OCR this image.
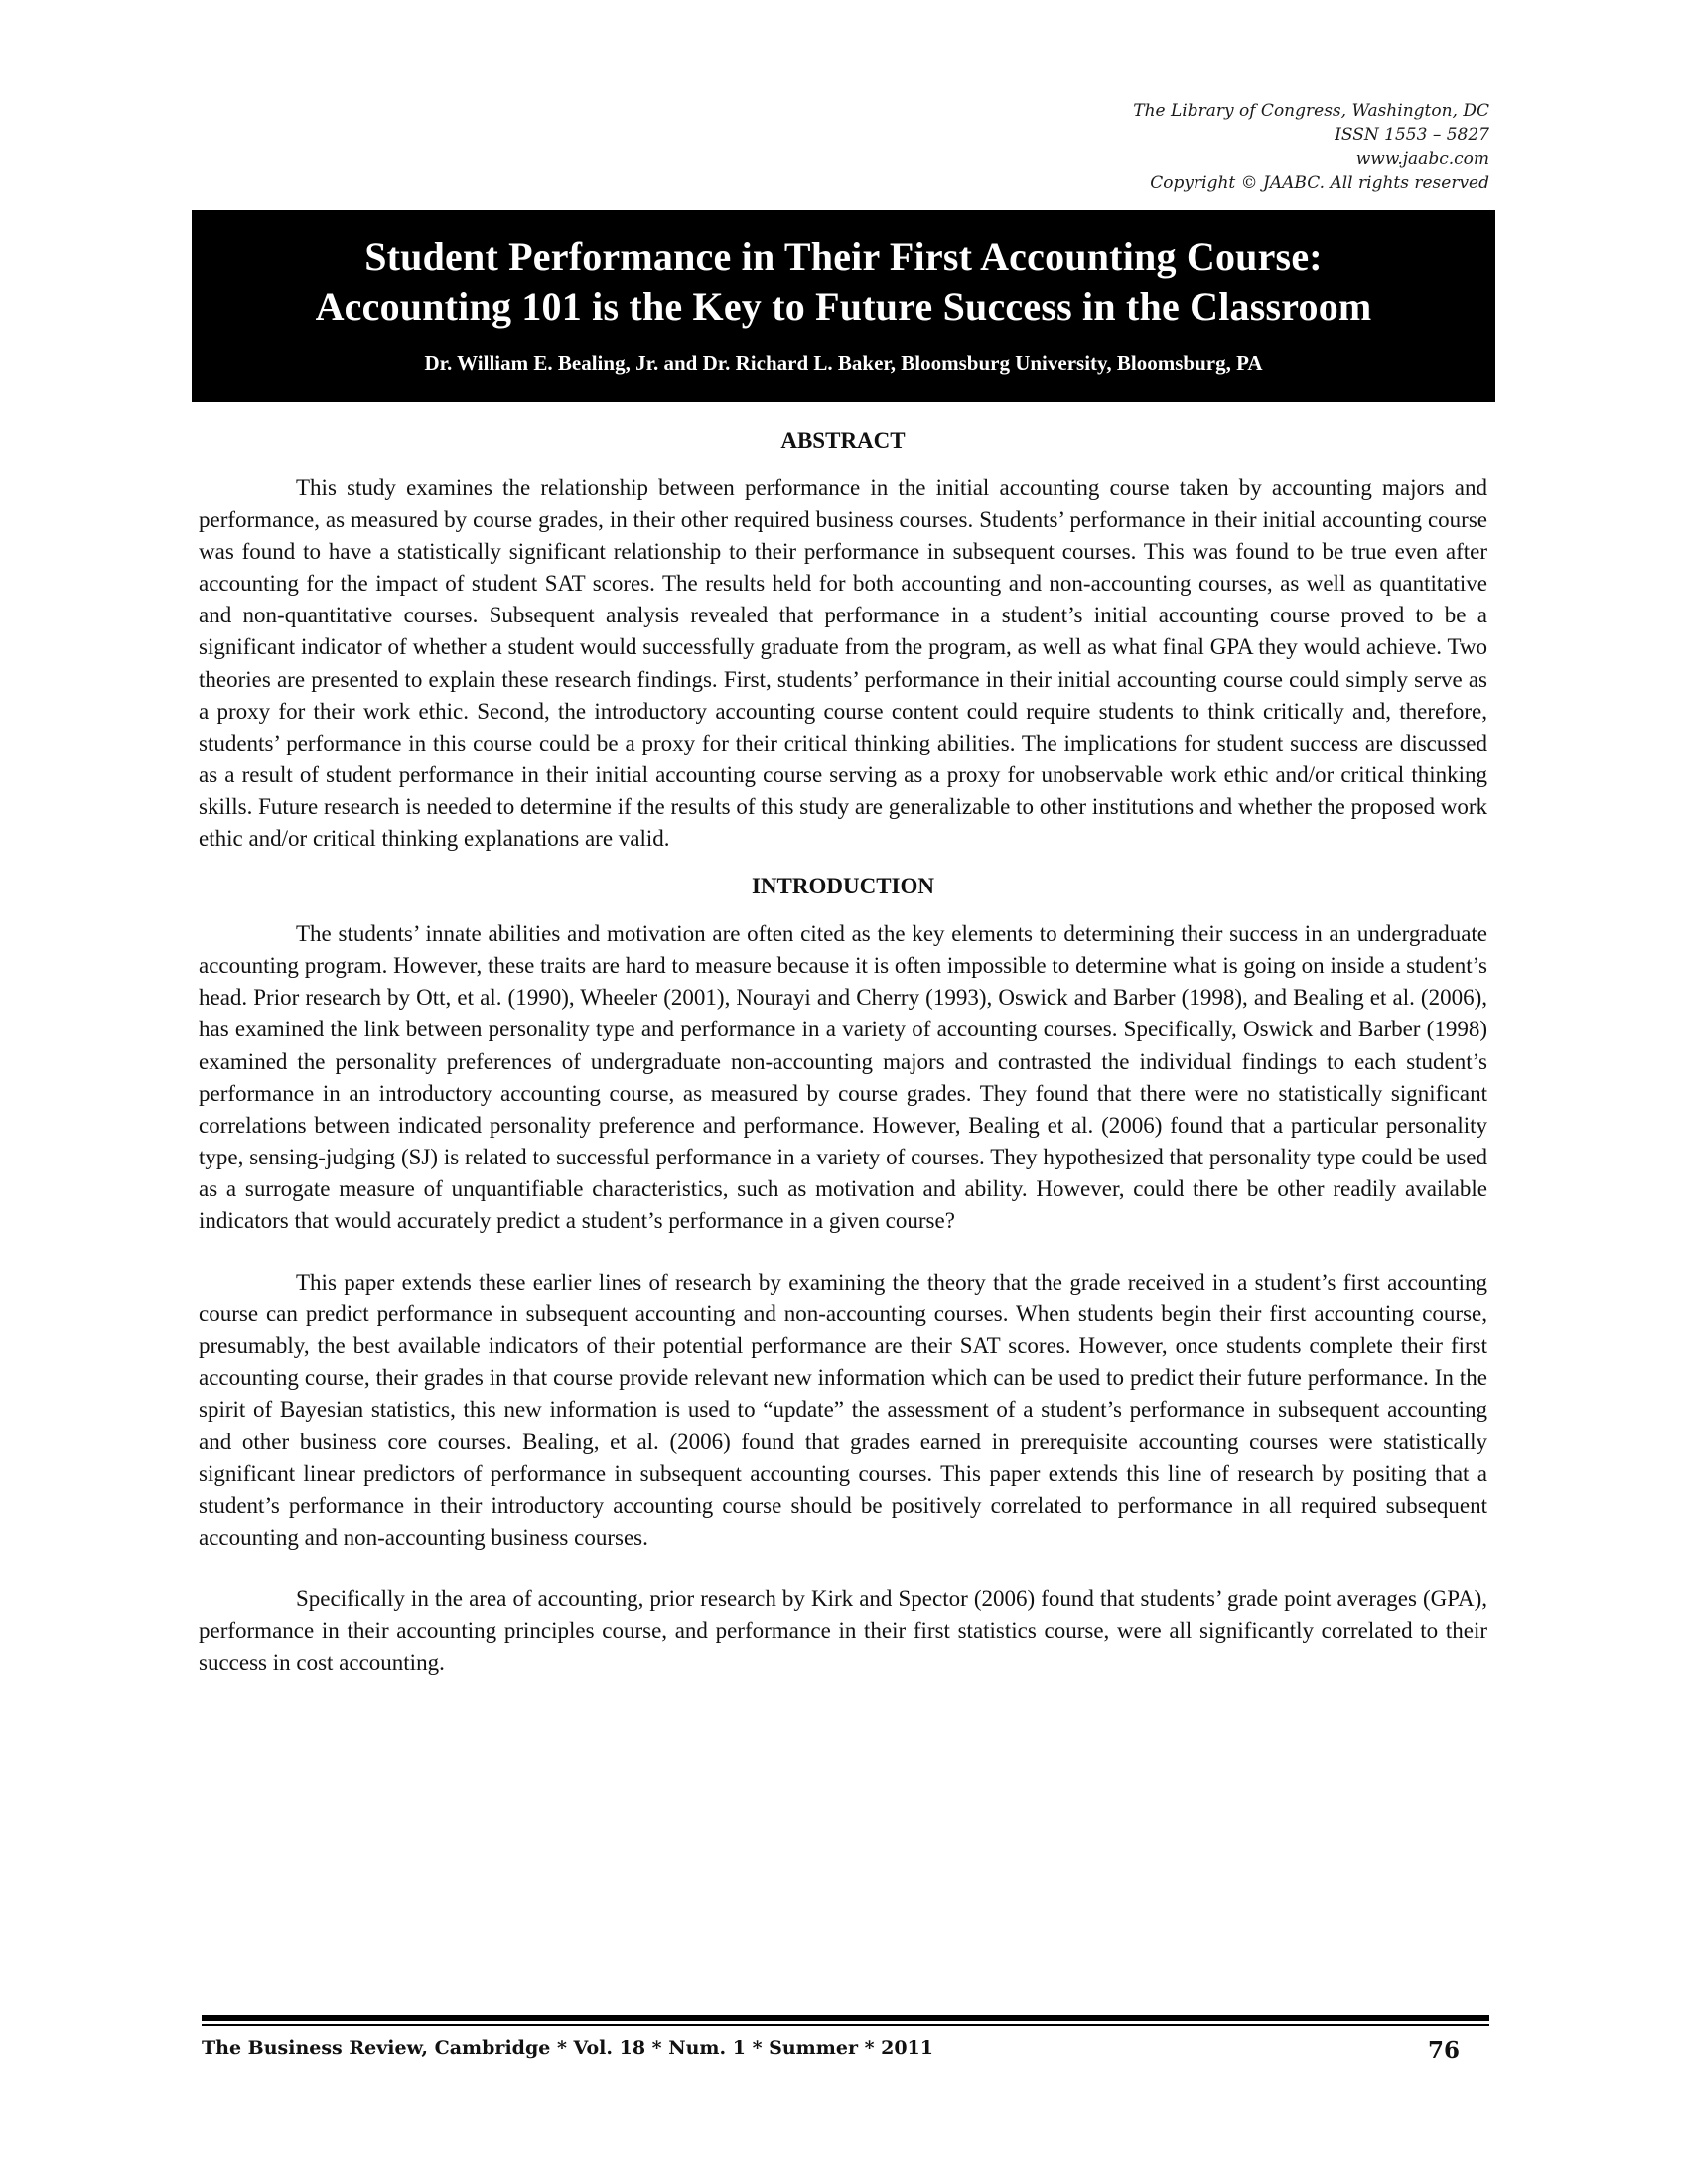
The Library of Congress, Washington, DC
ISSN 1553 – 5827
www.jaabc.com
Copyright © JAABC. All rights reserved
Student Performance in Their First Accounting Course:
Accounting 101 is the Key to Future Success in the Classroom
Dr. William E. Bealing, Jr. and Dr. Richard L. Baker, Bloomsburg University, Bloomsburg, PA
ABSTRACT

This study examines the relationship between performance in the initial accounting course taken by accounting majors and performance, as measured by course grades, in their other required business courses. Students’ performance in their initial accounting course was found to have a statistically significant relationship to their performance in subsequent courses. This was found to be true even after accounting for the impact of student SAT scores. The results held for both accounting and non-accounting courses, as well as quantitative and non-quantitative courses. Subsequent analysis revealed that performance in a student’s initial accounting course proved to be a significant indicator of whether a student would successfully graduate from the program, as well as what final GPA they would achieve. Two theories are presented to explain these research findings. First, students’ performance in their initial accounting course could simply serve as a proxy for their work ethic. Second, the introductory accounting course content could require students to think critically and, therefore, students’ performance in this course could be a proxy for their critical thinking abilities. The implications for student success are discussed as a result of student performance in their initial accounting course serving as a proxy for unobservable work ethic and/or critical thinking skills. Future research is needed to determine if the results of this study are generalizable to other institutions and whether the proposed work ethic and/or critical thinking explanations are valid.

INTRODUCTION

The students’ innate abilities and motivation are often cited as the key elements to determining their success in an undergraduate accounting program. However, these traits are hard to measure because it is often impossible to determine what is going on inside a student’s head. Prior research by Ott, et al. (1990), Wheeler (2001), Nourayi and Cherry (1993), Oswick and Barber (1998), and Bealing et al. (2006), has examined the link between personality type and performance in a variety of accounting courses. Specifically, Oswick and Barber (1998) examined the personality preferences of undergraduate non-accounting majors and contrasted the individual findings to each student’s performance in an introductory accounting course, as measured by course grades. They found that there were no statistically significant correlations between indicated personality preference and performance. However, Bealing et al. (2006) found that a particular personality type, sensing-judging (SJ) is related to successful performance in a variety of courses. They hypothesized that personality type could be used as a surrogate measure of unquantifiable characteristics, such as motivation and ability. However, could there be other readily available indicators that would accurately predict a student’s performance in a given course?

This paper extends these earlier lines of research by examining the theory that the grade received in a student’s first accounting course can predict performance in subsequent accounting and non-accounting courses. When students begin their first accounting course, presumably, the best available indicators of their potential performance are their SAT scores. However, once students complete their first accounting course, their grades in that course provide relevant new information which can be used to predict their future performance. In the spirit of Bayesian statistics, this new information is used to “update” the assessment of a student’s performance in subsequent accounting and other business core courses. Bealing, et al. (2006) found that grades earned in prerequisite accounting courses were statistically significant linear predictors of performance in subsequent accounting courses. This paper extends this line of research by positing that a student’s performance in their introductory accounting course should be positively correlated to performance in all required subsequent accounting and non-accounting business courses.

Specifically in the area of accounting, prior research by Kirk and Spector (2006) found that students’ grade point averages (GPA), performance in their accounting principles course, and performance in their first statistics course, were all significantly correlated to their success in cost accounting.

The Business Review, Cambridge * Vol. 18 * Num. 1 * Summer * 2011	76
